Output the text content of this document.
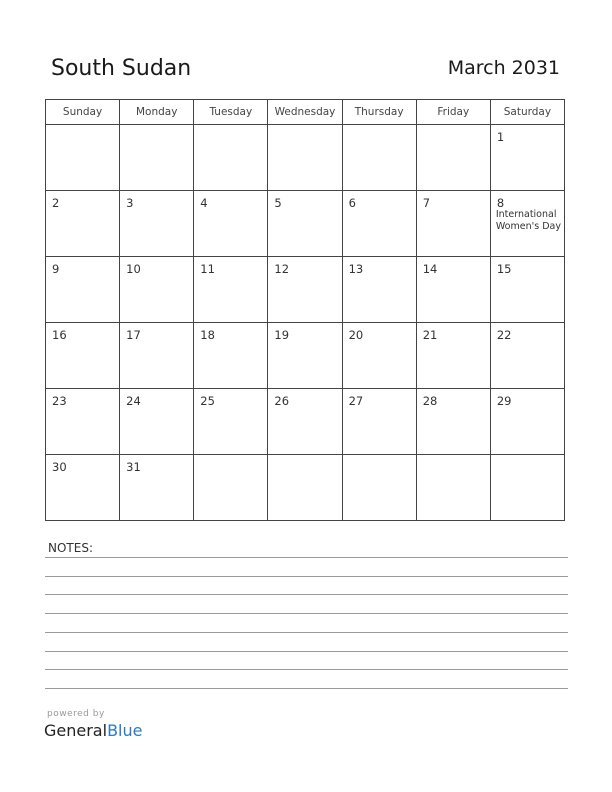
South Sudan	March 2031
Sunday	Monday	Tuesday	Wednesday	Thursday	Friday	Saturday

						1

2	3	4	5	6	7	8
International Women's Day

9	10	11	12	13	14	15

16	17	18	19	20	21	22

23	24	25	26	27	28	29

30	31					

NOTES:
powered by
GeneralBlue
